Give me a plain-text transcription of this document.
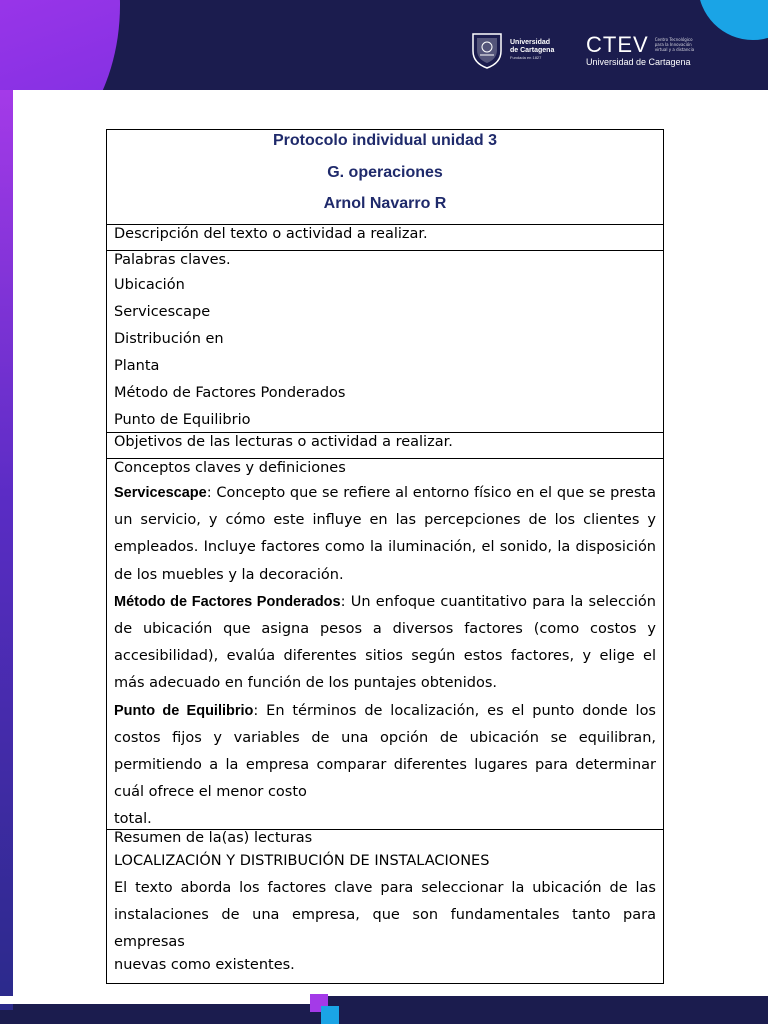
Universidad
de Cartagena
Fundada en 1827
CTEV Centro Tecnológico para la Innovación virtual y a distancia
Universidad de Cartagena
Protocolo individual unidad 3
G. operaciones
Arnol Navarro R
Descripción del texto o actividad a realizar.
Palabras claves.
Ubicación
Servicescape
Distribución en
Planta
Método de Factores Ponderados
Punto de Equilibrio
Objetivos de las lecturas o actividad a realizar.
Conceptos claves y definiciones
Servicescape: Concepto que se refiere al entorno físico en el que se presta un servicio, y cómo este influye en las percepciones de los clientes y empleados. Incluye factores como la iluminación, el sonido, la disposición de los muebles y la decoración.
Método de Factores Ponderados: Un enfoque cuantitativo para la selección de ubicación que asigna pesos a diversos factores (como costos y accesibilidad), evalúa diferentes sitios según estos factores, y elige el más adecuado en función de los puntajes obtenidos.
Punto de Equilibrio: En términos de localización, es el punto donde los costos fijos y variables de una opción de ubicación se equilibran, permitiendo a la empresa comparar diferentes lugares para determinar cuál ofrece el menor costo
total.
Resumen de la(as) lecturas
LOCALIZACIÓN Y DISTRIBUCIÓN DE INSTALACIONES
El texto aborda los factores clave para seleccionar la ubicación de las instalaciones de una empresa, que son fundamentales tanto para empresas
nuevas como existentes.
